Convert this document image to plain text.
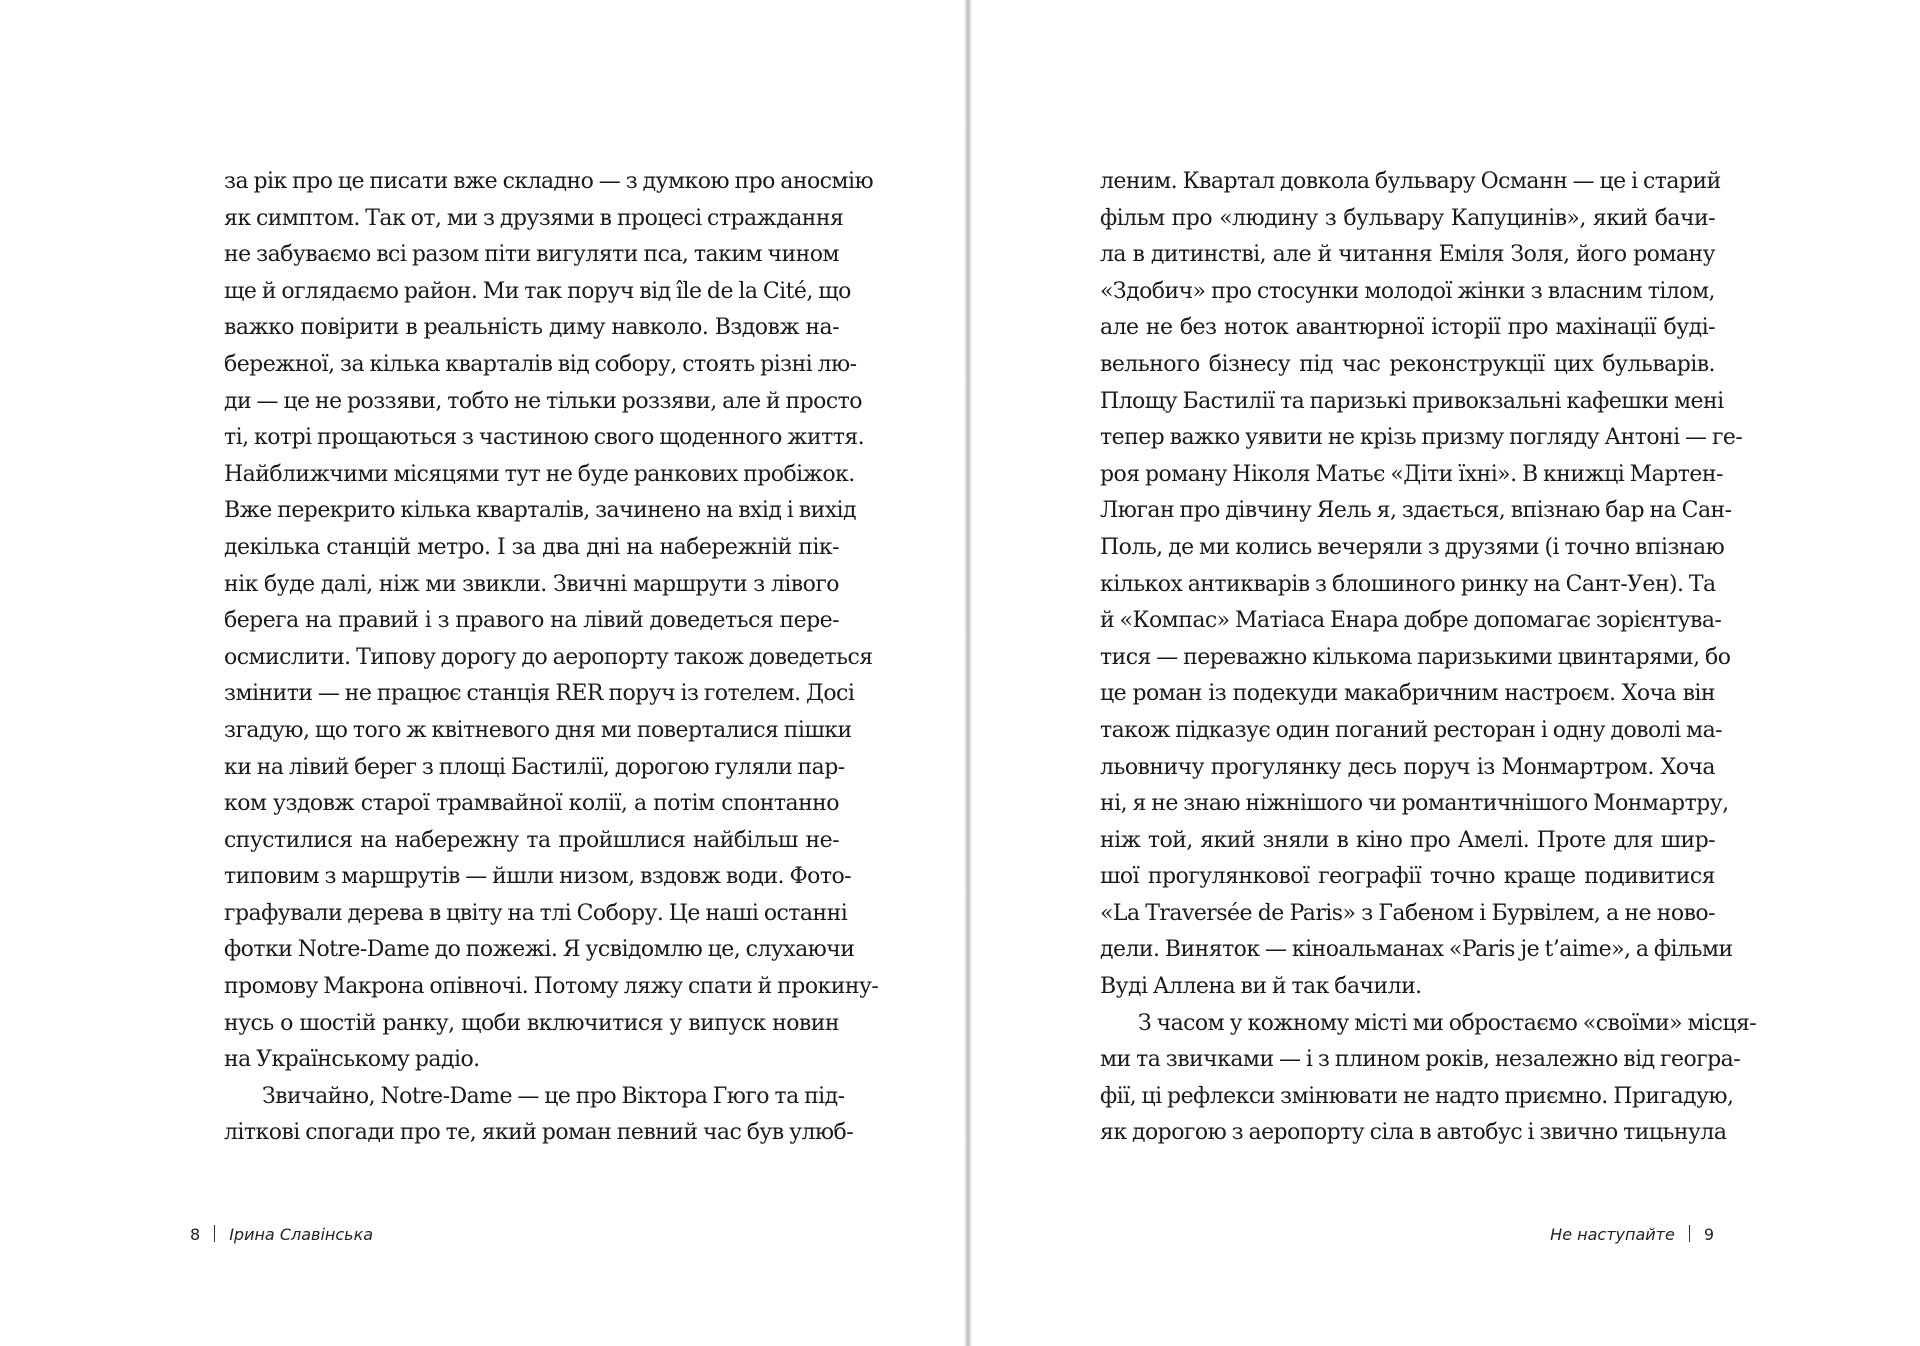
за рік про це писати вже складно — з думкою про аносмію
як симптом. Так от, ми з друзями в процесі страждання
не забуваємо всі разом піти вигуляти пса, таким чином
ще й оглядаємо район. Ми так поруч від île de la Cité, що
важко повірити в реальність диму навколо. Вздовж на-
бережної, за кілька кварталів від собору, стоять різні лю-
ди — це не роззяви, тобто не тільки роззяви, але й просто
ті, котрі прощаються з частиною свого щоденного життя.
Найближчими місяцями тут не буде ранкових пробіжок.
Вже перекрито кілька кварталів, зачинено на вхід і вихід
декілька станцій метро. І за два дні на набережній пік-
нік буде далі, ніж ми звикли. Звичні маршрути з лівого
берега на правий і з правого на лівий доведеться пере-
осмислити. Типову дорогу до аеропорту також доведеться
змінити — не працює станція RER поруч із готелем. Досі
згадую, що того ж квітневого дня ми поверталися пішки
ки на лівий берег з площі Бастилії, дорогою гуляли пар-
ком уздовж старої трамвайної колії, а потім спонтанно
спустилися на набережну та пройшлися найбільш не-
типовим з маршрутів — йшли низом, вздовж води. Фото-
графували дерева в цвіту на тлі Собору. Це наші останні
фотки Notre-Dame до пожежі. Я усвідомлю це, слухаючи
промову Макрона опівночі. Потому ляжу спати й прокину-
нусь о шостій ранку, щоби включитися у випуск новин
на Українському радіо.
Звичайно, Notre-Dame — це про Віктора Гюго та під-
літкові спогади про те, який роман певний час був улюб-
8 Ірина Славінська
леним. Квартал довкола бульвару Османн — це і старий
фільм про «людину з бульвару Капуцинів», який бачи-
ла в дитинстві, але й читання Еміля Золя, його роману
«Здобич» про стосунки молодої жінки з власним тілом,
але не без ноток авантюрної історії про махінації буді-
вельного бізнесу під час реконструкції цих бульварів.
Площу Бастилії та паризькі привокзальні кафешки мені
тепер важко уявити не крізь призму погляду Антоні — ге-
роя роману Ніколя Матьє «Діти їхні». В книжці Мартен-
Люган про дівчину Яель я, здається, впізнаю бар на Сан-
Поль, де ми колись вечеряли з друзями (і точно впізнаю
кількох антикварів з блошиного ринку на Сант-Уен). Та
й «Компас» Матіаса Енара добре допомагає зорієнтува-
тися — переважно кількома паризькими цвинтарями, бо
це роман із подекуди макабричним настроєм. Хоча він
також підказує один поганий ресторан і одну доволі ма-
льовничу прогулянку десь поруч із Монмартром. Хоча
ні, я не знаю ніжнішого чи романтичнішого Монмартру,
ніж той, який зняли в кіно про Амелі. Проте для шир-
шої прогулянкової географії точно краще подивитися
«La Traversée de Paris» з Габеном і Бурвілем, а не ново-
дели. Виняток — кіноальманах «Paris je t’aime», а фільми
Вуді Аллена ви й так бачили.
З часом у кожному місті ми обростаємо «своїми» місця-
ми та звичками — і з плином років, незалежно від геогра-
фії, ці рефлекси змінювати не надто приємно. Пригадую,
як дорогою з аеропорту сіла в автобус і звично тицьнула
Не наступайте 9
